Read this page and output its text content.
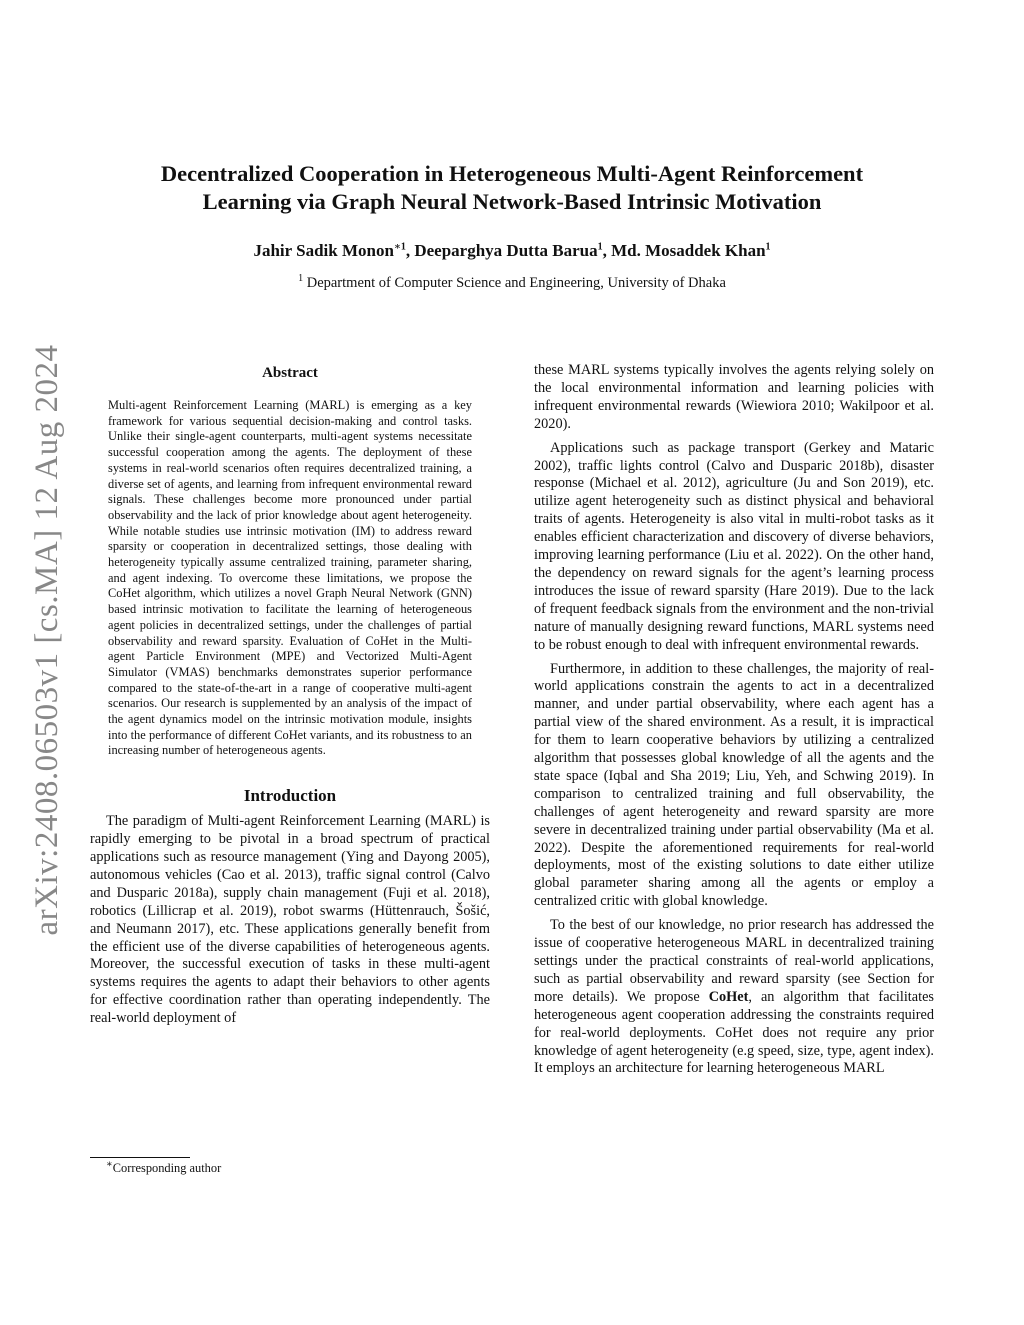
arXiv:2408.06503v1 [cs.MA] 12 Aug 2024
Decentralized Cooperation in Heterogeneous Multi-Agent Reinforcement
Learning via Graph Neural Network-Based Intrinsic Motivation
Jahir Sadik Monon$^{∗1}$, Deeparghya Dutta Barua$^1$, Md. Mosaddek Khan$^1$
$^1$ Department of Computer Science and Engineering, University of Dhaka
Abstract

Multi-agent Reinforcement Learning (MARL) is emerging as a key framework for various sequential decision-making and control tasks. Unlike their single-agent counterparts, multi-agent systems necessitate successful cooperation among the agents. The deployment of these systems in real-world scenarios often requires decentralized training, a diverse set of agents, and learning from infrequent environmental reward signals. These challenges become more pronounced under partial observability and the lack of prior knowledge about agent heterogeneity. While notable studies use intrinsic motivation (IM) to address reward sparsity or cooperation in decentralized settings, those dealing with heterogeneity typically assume centralized training, parameter sharing, and agent indexing. To overcome these limitations, we propose the CoHet algorithm, which utilizes a novel Graph Neural Network (GNN) based intrinsic motivation to facilitate the learning of heterogeneous agent policies in decentralized settings, under the challenges of partial observability and reward sparsity. Evaluation of CoHet in the Multi-agent Particle Environment (MPE) and Vectorized Multi-Agent Simulator (VMAS) benchmarks demonstrates superior performance compared to the state-of-the-art in a range of cooperative multi-agent scenarios. Our research is supplemented by an analysis of the impact of the agent dynamics model on the intrinsic motivation module, insights into the performance of different CoHet variants, and its robustness to an increasing number of heterogeneous agents.

Introduction

The paradigm of Multi-agent Reinforcement Learning (MARL) is rapidly emerging to be pivotal in a broad spectrum of practical applications such as resource management (Ying and Dayong 2005), autonomous vehicles (Cao et al. 2013), traffic signal control (Calvo and Dusparic 2018a), supply chain management (Fuji et al. 2018), robotics (Lillicrap et al. 2019), robot swarms (Hüttenrauch, Šošić, and Neumann 2017), etc. These applications generally benefit from the efficient use of the diverse capabilities of heterogeneous agents. Moreover, the successful execution of tasks in these multi-agent systems requires the agents to adapt their behaviors to other agents for effective coordination rather than operating independently. The real-world deployment of

these MARL systems typically involves the agents relying solely on the local environmental information and learning policies with infrequent environmental rewards (Wiewiora 2010; Wakilpoor et al. 2020).

Applications such as package transport (Gerkey and Mataric 2002), traffic lights control (Calvo and Dusparic 2018b), disaster response (Michael et al. 2012), agriculture (Ju and Son 2019), etc. utilize agent heterogeneity such as distinct physical and behavioral traits of agents. Heterogeneity is also vital in multi-robot tasks as it enables efficient characterization and discovery of diverse behaviors, improving learning performance (Liu et al. 2022). On the other hand, the dependency on reward signals for the agent’s learning process introduces the issue of reward sparsity (Hare 2019). Due to the lack of frequent feedback signals from the environment and the non-trivial nature of manually designing reward functions, MARL systems need to be robust enough to deal with infrequent environmental rewards.

Furthermore, in addition to these challenges, the majority of real-world applications constrain the agents to act in a decentralized manner, and under partial observability, where each agent has a partial view of the shared environment. As a result, it is impractical for them to learn cooperative behaviors by utilizing a centralized algorithm that possesses global knowledge of all the agents and the state space (Iqbal and Sha 2019; Liu, Yeh, and Schwing 2019). In comparison to centralized training and full observability, the challenges of agent heterogeneity and reward sparsity are more severe in decentralized training under partial observability (Ma et al. 2022). Despite the aforementioned requirements for real-world deployments, most of the existing solutions to date either utilize global parameter sharing among all the agents or employ a centralized critic with global knowledge.

To the best of our knowledge, no prior research has addressed the issue of cooperative heterogeneous MARL in decentralized training settings under the practical constraints of real-world applications, such as partial observability and reward sparsity (see Section for more details). We propose CoHet, an algorithm that facilitates heterogeneous agent cooperation addressing the constraints required for real-world deployments. CoHet does not require any prior knowledge of agent heterogeneity (e.g speed, size, type, agent index). It employs an architecture for learning heterogeneous MARL

∗Corresponding author
